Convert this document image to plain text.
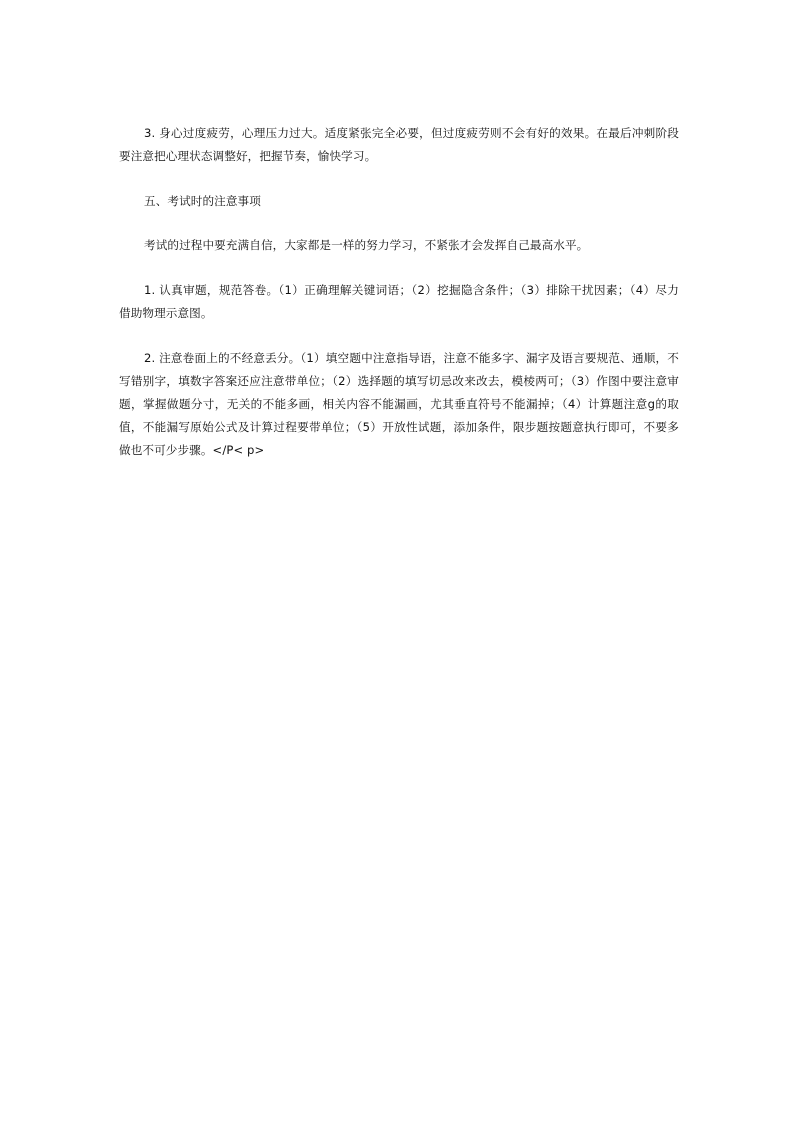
3. 身心过度疲劳，心理压力过大。适度紧张完全必要，但过度疲劳则不会有好的效果。在最后冲刺阶段要注意把心理状态调整好，把握节奏，愉快学习。

五、考试时的注意事项

考试的过程中要充满自信，大家都是一样的努力学习，不紧张才会发挥自己最高水平。

1. 认真审题，规范答卷。（1）正确理解关键词语；（2）挖掘隐含条件；（3）排除干扰因素；（4）尽力借助物理示意图。

2. 注意卷面上的不经意丢分。（1）填空题中注意指导语，注意不能多字、漏字及语言要规范、通顺，不写错别字，填数字答案还应注意带单位；（2）选择题的填写切忌改来改去，模棱两可；（3）作图中要注意审题，掌握做题分寸，无关的不能多画，相关内容不能漏画，尤其垂直符号不能漏掉；（4）计算题注意g的取值，不能漏写原始公式及计算过程要带单位；（5）开放性试题，添加条件，限步题按题意执行即可，不要多做也不可少步骤。</P< p>
